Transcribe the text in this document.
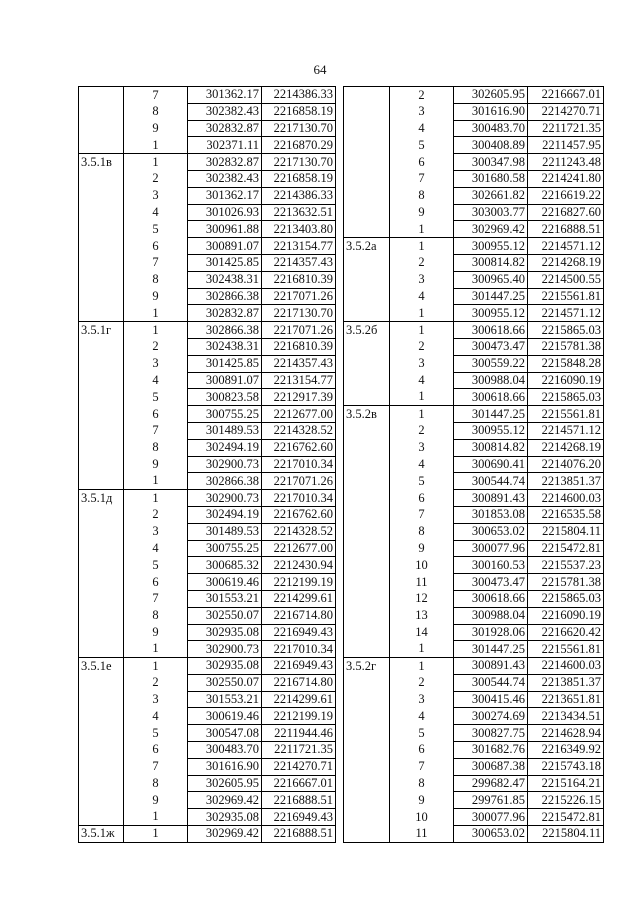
64
	7	301362.17	2214386.33
	8	302382.43	2216858.19
	9	302832.87	2217130.70
	1	302371.11	2216870.29
3.5.1в	1	302832.87	2217130.70
	2	302382.43	2216858.19
	3	301362.17	2214386.33
	4	301026.93	2213632.51
	5	300961.88	2213403.80
	6	300891.07	2213154.77
	7	301425.85	2214357.43
	8	302438.31	2216810.39
	9	302866.38	2217071.26
	1	302832.87	2217130.70
3.5.1г	1	302866.38	2217071.26
	2	302438.31	2216810.39
	3	301425.85	2214357.43
	4	300891.07	2213154.77
	5	300823.58	2212917.39
	6	300755.25	2212677.00
	7	301489.53	2214328.52
	8	302494.19	2216762.60
	9	302900.73	2217010.34
	1	302866.38	2217071.26
3.5.1д	1	302900.73	2217010.34
	2	302494.19	2216762.60
	3	301489.53	2214328.52
	4	300755.25	2212677.00
	5	300685.32	2212430.94
	6	300619.46	2212199.19
	7	301553.21	2214299.61
	8	302550.07	2216714.80
	9	302935.08	2216949.43
	1	302900.73	2217010.34
3.5.1е	1	302935.08	2216949.43
	2	302550.07	2216714.80
	3	301553.21	2214299.61
	4	300619.46	2212199.19
	5	300547.08	2211944.46
	6	300483.70	2211721.35
	7	301616.90	2214270.71
	8	302605.95	2216667.01
	9	302969.42	2216888.51
	1	302935.08	2216949.43
3.5.1ж	1	302969.42	2216888.51
	2	302605.95	2216667.01
	3	301616.90	2214270.71
	4	300483.70	2211721.35
	5	300408.89	2211457.95
	6	300347.98	2211243.48
	7	301680.58	2214241.80
	8	302661.82	2216619.22
	9	303003.77	2216827.60
	1	302969.42	2216888.51
3.5.2а	1	300955.12	2214571.12
	2	300814.82	2214268.19
	3	300965.40	2214500.55
	4	301447.25	2215561.81
	1	300955.12	2214571.12
3.5.2б	1	300618.66	2215865.03
	2	300473.47	2215781.38
	3	300559.22	2215848.28
	4	300988.04	2216090.19
	1	300618.66	2215865.03
3.5.2в	1	301447.25	2215561.81
	2	300955.12	2214571.12
	3	300814.82	2214268.19
	4	300690.41	2214076.20
	5	300544.74	2213851.37
	6	300891.43	2214600.03
	7	301853.08	2216535.58
	8	300653.02	2215804.11
	9	300077.96	2215472.81
	10	300160.53	2215537.23
	11	300473.47	2215781.38
	12	300618.66	2215865.03
	13	300988.04	2216090.19
	14	301928.06	2216620.42
	1	301447.25	2215561.81
3.5.2г	1	300891.43	2214600.03
	2	300544.74	2213851.37
	3	300415.46	2213651.81
	4	300274.69	2213434.51
	5	300827.75	2214628.94
	6	301682.76	2216349.92
	7	300687.38	2215743.18
	8	299682.47	2215164.21
	9	299761.85	2215226.15
	10	300077.96	2215472.81
	11	300653.02	2215804.11
